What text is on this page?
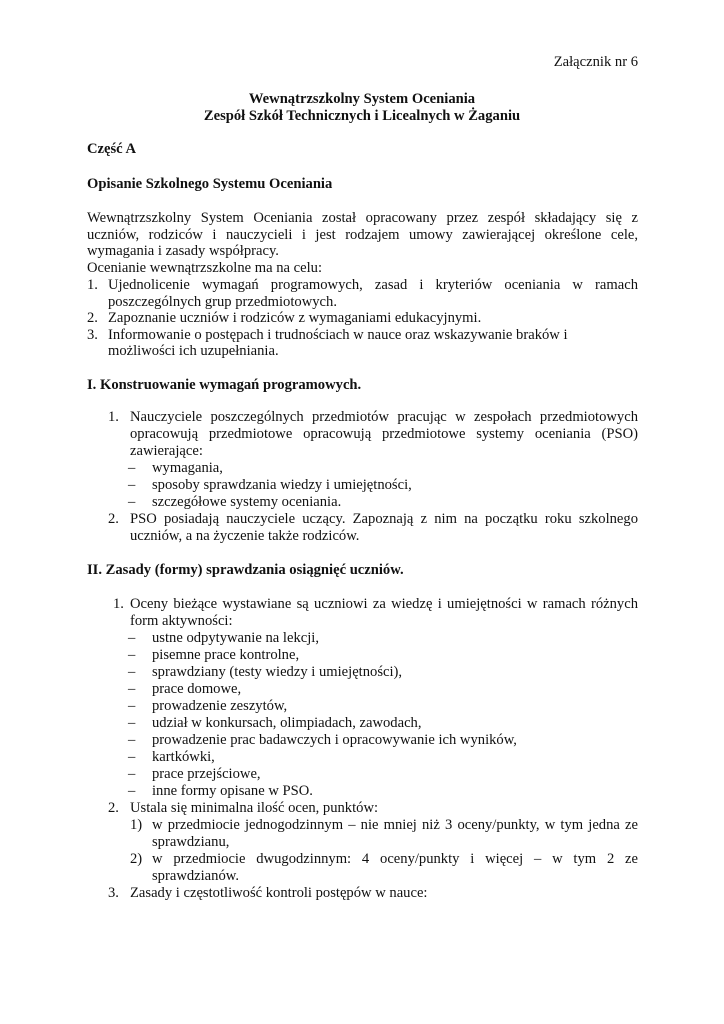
Załącznik nr 6
Wewnątrzszkolny System Oceniania
Zespół Szkół Technicznych i Licealnych w Żaganiu
Część A
Opisanie Szkolnego Systemu Oceniania
Wewnątrzszkolny System Oceniania został opracowany przez zespół składający się z
uczniów, rodziców i nauczycieli i jest rodzajem umowy zawierającej określone cele,
wymagania i zasady współpracy.
Ocenianie wewnątrzszkolne ma na celu:
1. Ujednolicenie wymagań programowych, zasad i kryteriów oceniania w ramach
poszczególnych grup przedmiotowych.
2. Zapoznanie uczniów i rodziców z wymaganiami edukacyjnymi.
3. Informowanie o postępach i trudnościach w nauce oraz wskazywanie braków i
możliwości ich uzupełniania.
I. Konstruowanie wymagań programowych.
1. Nauczyciele poszczególnych przedmiotów pracując w zespołach przedmiotowych
opracowują przedmiotowe opracowują przedmiotowe systemy oceniania (PSO)
zawierające:
– wymagania,
– sposoby sprawdzania wiedzy i umiejętności,
– szczegółowe systemy oceniania.
2. PSO posiadają nauczyciele uczący. Zapoznają z nim na początku roku szkolnego
uczniów, a na życzenie także rodziców.
II. Zasady (formy) sprawdzania osiągnięć uczniów.
1. Oceny bieżące wystawiane są uczniowi za wiedzę i umiejętności w ramach różnych
form aktywności:
– ustne odpytywanie na lekcji,
– pisemne prace kontrolne,
– sprawdziany (testy wiedzy i umiejętności),
– prace domowe,
– prowadzenie zeszytów,
– udział w konkursach, olimpiadach, zawodach,
– prowadzenie prac badawczych i opracowywanie ich wyników,
– kartkówki,
– prace przejściowe,
– inne formy opisane w PSO.
2. Ustala się minimalna ilość ocen, punktów:
1) w przedmiocie jednogodzinnym – nie mniej niż 3 oceny/punkty, w tym jedna ze
sprawdzianu,
2) w przedmiocie dwugodzinnym: 4 oceny/punkty i więcej – w tym 2 ze
sprawdzianów.
3. Zasady i częstotliwość kontroli postępów w nauce:
